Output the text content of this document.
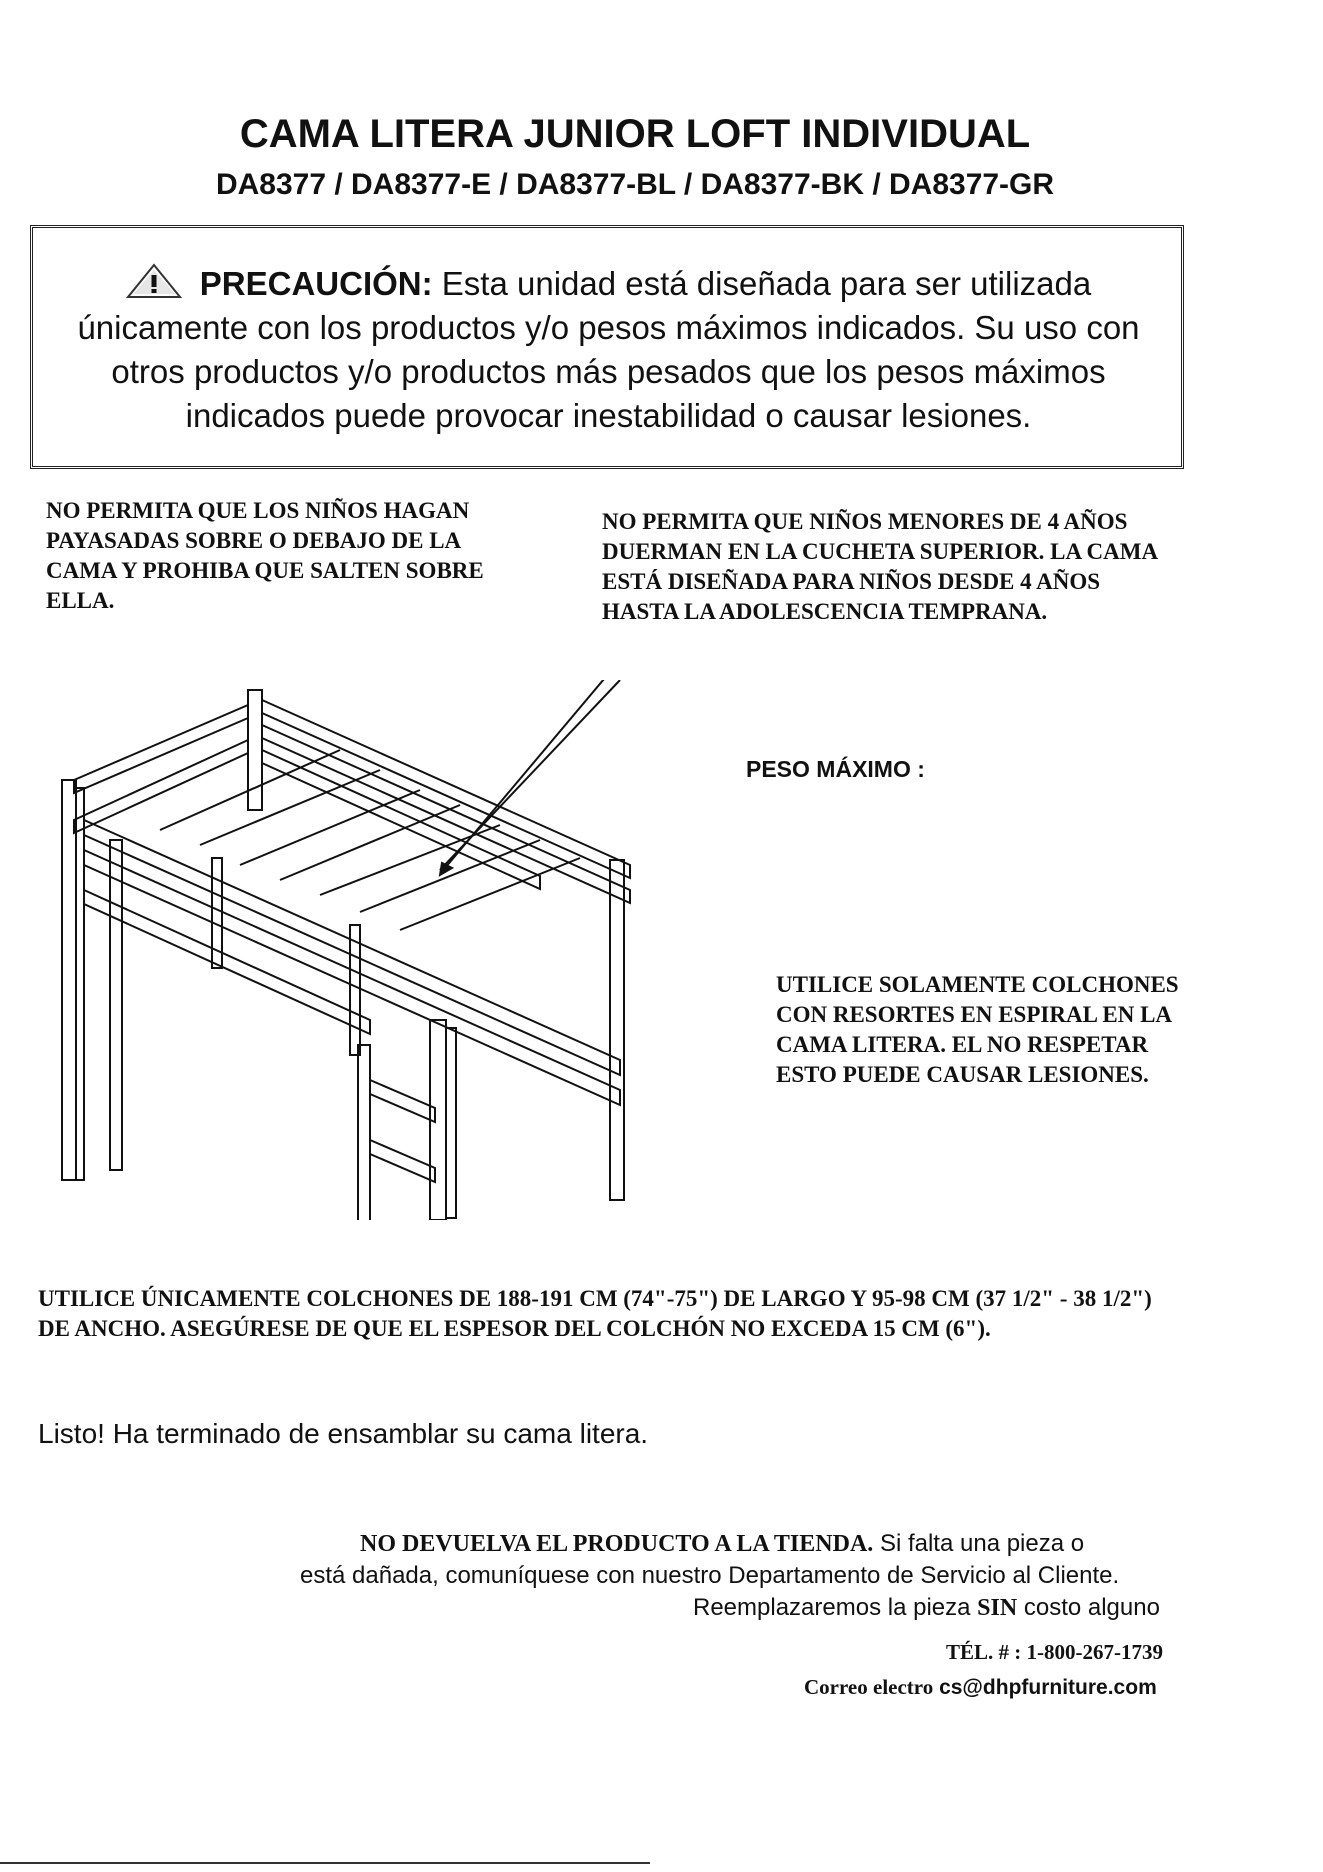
CAMA LITERA JUNIOR LOFT INDIVIDUAL
DA8377 / DA8377-E / DA8377-BL / DA8377-BK / DA8377-GR
PRECAUCIÓN: Esta unidad está diseñada para ser utilizada únicamente con los productos y/o pesos máximos indicados. Su uso con otros productos y/o productos más pesados que los pesos máximos indicados puede provocar inestabilidad o causar lesiones.
NO PERMITA QUE LOS NIÑOS HAGAN PAYASADAS SOBRE O DEBAJO DE LA CAMA Y PROHIBA QUE SALTEN SOBRE ELLA.
NO PERMITA QUE NIÑOS MENORES DE 4 AÑOS DUERMAN EN LA CUCHETA SUPERIOR. LA CAMA ESTÁ DISEÑADA PARA NIÑOS DESDE 4 AÑOS HASTA LA ADOLESCENCIA TEMPRANA.
PESO MÁXIMO :
UTILICE SOLAMENTE COLCHONES CON RESORTES EN ESPIRAL EN LA CAMA LITERA. EL NO RESPETAR ESTO PUEDE CAUSAR LESIONES.
UTILICE ÚNICAMENTE COLCHONES DE 188-191 CM (74"-75") DE LARGO Y 95-98 CM (37 1/2" - 38 1/2") DE ANCHO. ASEGÚRESE DE QUE EL ESPESOR DEL COLCHÓN NO EXCEDA 15 CM (6").
Listo! Ha terminado de ensamblar su cama litera.
NO DEVUELVA EL PRODUCTO A LA TIENDA. Si falta una pieza o
está dañada, comuníquese con nuestro Departamento de Servicio al Cliente.
Reemplazaremos la pieza SIN costo alguno
TÉL. # : 1-800-267-1739
Correo electro cs@dhpfurniture.com
